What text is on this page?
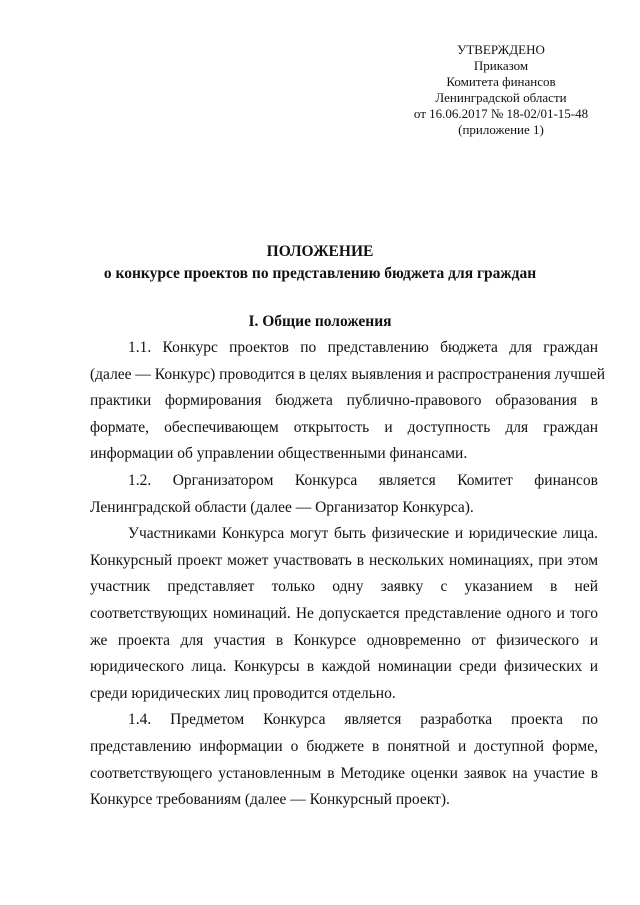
УТВЕРЖДЕНО
Приказом
Комитета финансов
Ленинградской области
от 16.06.2017 № 18-02/01-15-48
(приложение 1)
ПОЛОЖЕНИЕ
о конкурсе проектов по представлению бюджета для граждан
I. Общие положения
1.1. Конкурс проектов по представлению бюджета для граждан
(далее — Конкурс) проводится в целях выявления и распространения лучшей
практики формирования бюджета публично-правового образования в
формате, обеспечивающем открытость и доступность для граждан
информации об управлении общественными финансами.
1.2. Организатором Конкурса является Комитет финансов
Ленинградской области (далее — Организатор Конкурса).
Участниками Конкурса могут быть физические и юридические лица.
Конкурсный проект может участвовать в нескольких номинациях, при этом
участник представляет только одну заявку с указанием в ней
соответствующих номинаций. Не допускается представление одного и того
же проекта для участия в Конкурсе одновременно от физического и
юридического лица. Конкурсы в каждой номинации среди физических и
среди юридических лиц проводится отдельно.
1.4. Предметом Конкурса является разработка проекта по
представлению информации о бюджете в понятной и доступной форме,
соответствующего установленным в Методике оценки заявок на участие в
Конкурсе требованиям (далее — Конкурсный проект).
